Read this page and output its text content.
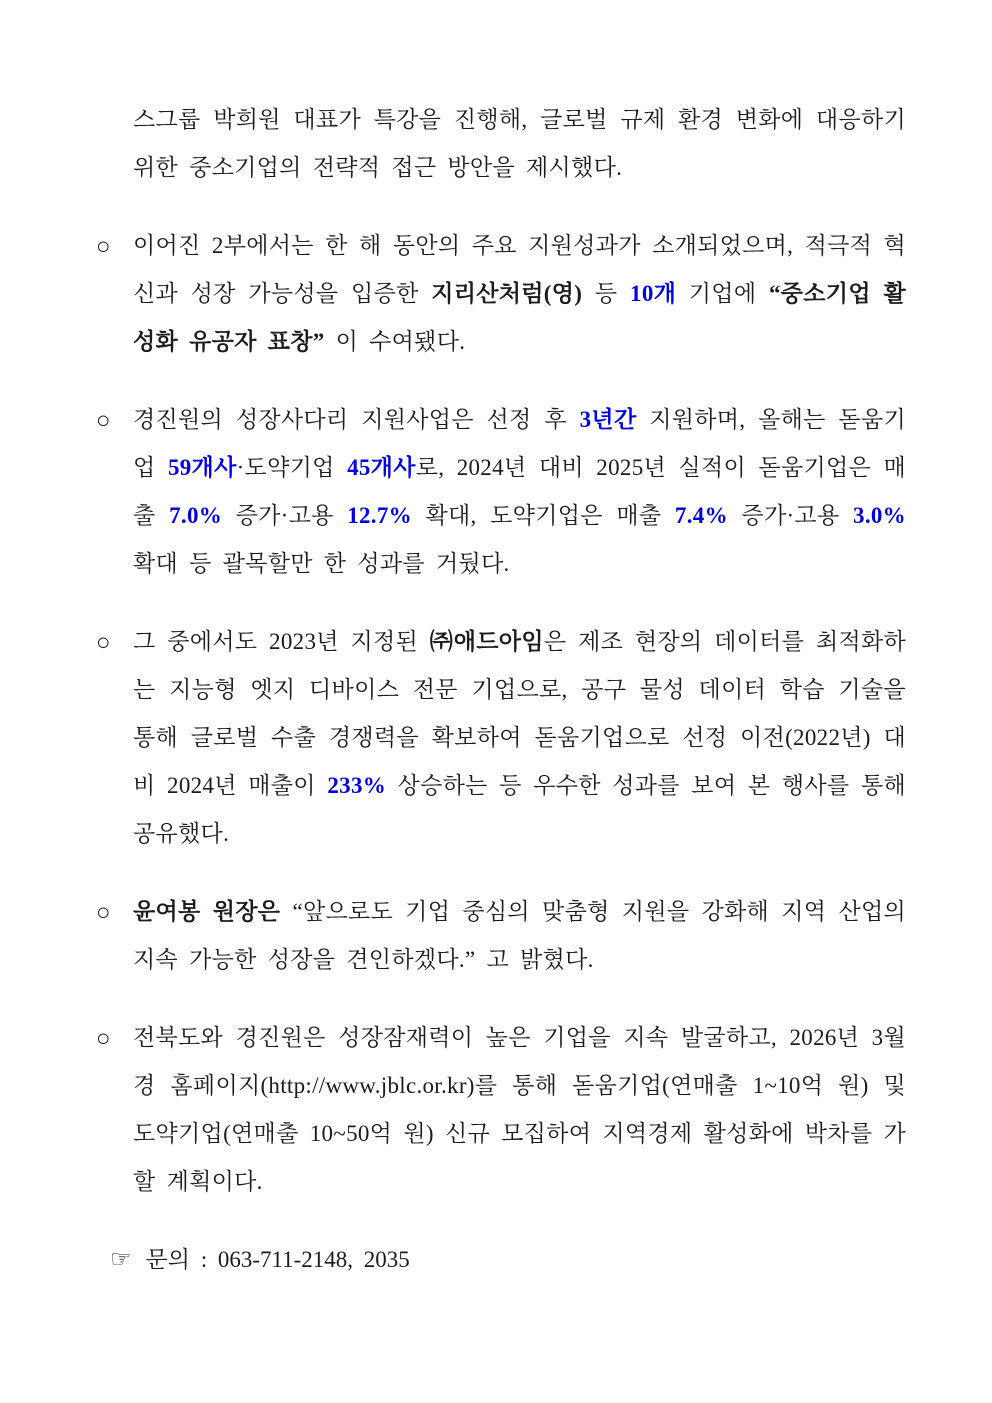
스그룹 박희원 대표가 특강을 진행해, 글로벌 규제 환경 변화에 대응하기 위한 중소기업의 전략적 접근 방안을 제시했다.

○ 이어진 2부에서는 한 해 동안의 주요 지원성과가 소개되었으며, 적극적 혁신과 성장 가능성을 입증한 지리산처럼(영) 등 10개 기업에 “중소기업 활성화 유공자 표창” 이 수여됐다.

○ 경진원의 성장사다리 지원사업은 선정 후 3년간 지원하며, 올해는 돋움기업 59개사·도약기업 45개사로, 2024년 대비 2025년 실적이 돋움기업은 매출 7.0% 증가·고용 12.7% 확대, 도약기업은 매출 7.4% 증가·고용 3.0% 확대 등 괄목할만 한 성과를 거뒀다.

○ 그 중에서도 2023년 지정된 ㈜애드아임은 제조 현장의 데이터를 최적화하는 지능형 엣지 디바이스 전문 기업으로, 공구 물성 데이터 학습 기술을 통해 글로벌 수출 경쟁력을 확보하여 돋움기업으로 선정 이전(2022년) 대비 2024년 매출이 233% 상승하는 등 우수한 성과를 보여 본 행사를 통해 공유했다.

○ 윤여봉 원장은 “앞으로도 기업 중심의 맞춤형 지원을 강화해 지역 산업의 지속 가능한 성장을 견인하겠다.” 고 밝혔다.

○ 전북도와 경진원은 성장잠재력이 높은 기업을 지속 발굴하고, 2026년 3월경 홈페이지(http://www.jblc.or.kr)를 통해 돋움기업(연매출 1~10억 원) 및 도약기업(연매출 10~50억 원) 신규 모집하여 지역경제 활성화에 박차를 가할 계획이다.

☞ 문의 : 063-711-2148, 2035
